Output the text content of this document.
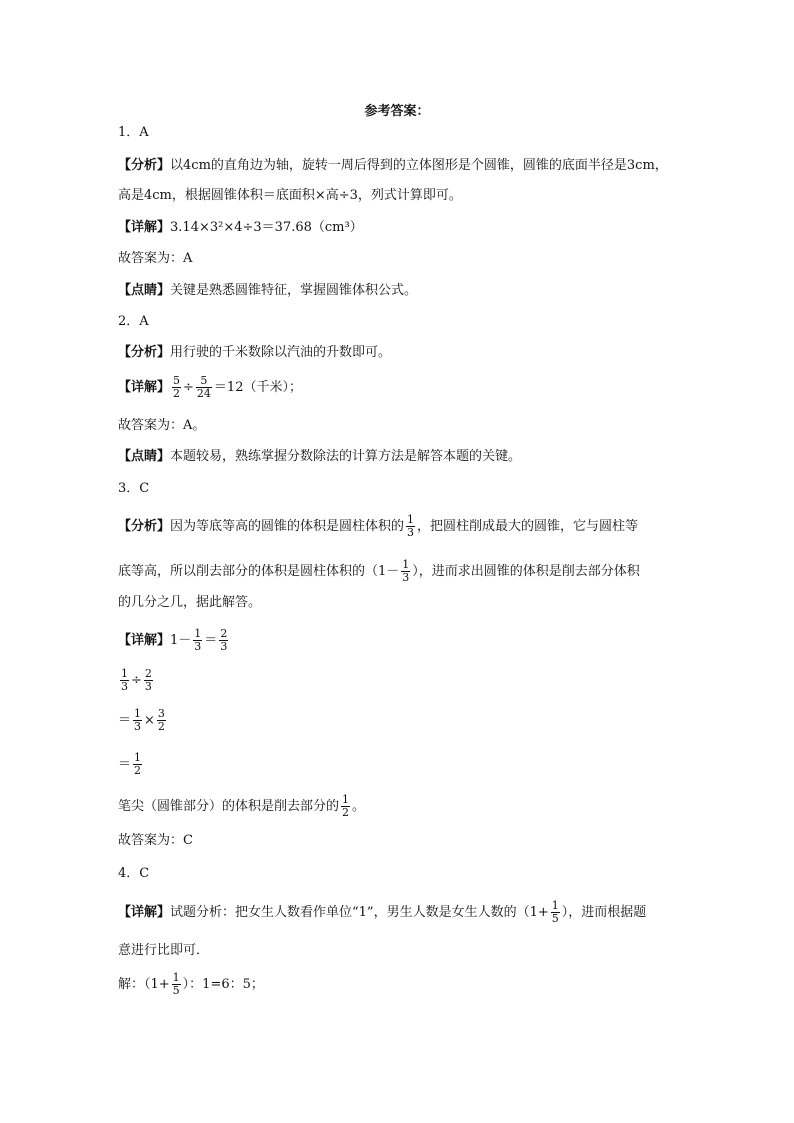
参考答案：
1．A
【分析】以4cm的直角边为轴，旋转一周后得到的立体图形是个圆锥，圆锥的底面半径是3cm，
高是4cm，根据圆锥体积＝底面积×高÷3，列式计算即可。
【详解】3.14×3²×4÷3＝37.68（cm³）
故答案为：A
【点睛】关键是熟悉圆锥特征，掌握圆锥体积公式。
2．A
【分析】用行驶的千米数除以汽油的升数即可。
【详解】 $\frac{5}{2} \div \frac{5}{24} =12$（千米）；
故答案为：A。
【点睛】本题较易，熟练掌握分数除法的计算方法是解答本题的关键。
3．C
【分析】因为等底等高的圆锥的体积是圆柱体积的 $\frac{1}{3}$ ，把圆柱削成最大的圆锥，它与圆柱等
底等高，所以削去部分的体积是圆柱体积的（$1- \frac{1}{3}$ ），进而求出圆锥的体积是削去部分体积
的几分之几，据此解答。
【详解】$1- \frac{1}{3} = \frac{2}{3}$
$\frac{1}{3} \div \frac{2}{3}$
＝ $\frac{1}{3} \times \frac{3}{2}$
＝ $\frac{1}{2}$
笔尖（圆锥部分）的体积是削去部分的 $\frac{1}{2}$ 。
故答案为：C
4．C
【详解】试题分析：把女生人数看作单位“1”，男生人数是女生人数的（$1+ \frac{1}{5}$ ），进而根据题
意进行比即可．
解：（$1+ \frac{1}{5}$ ）：1=6：5；
